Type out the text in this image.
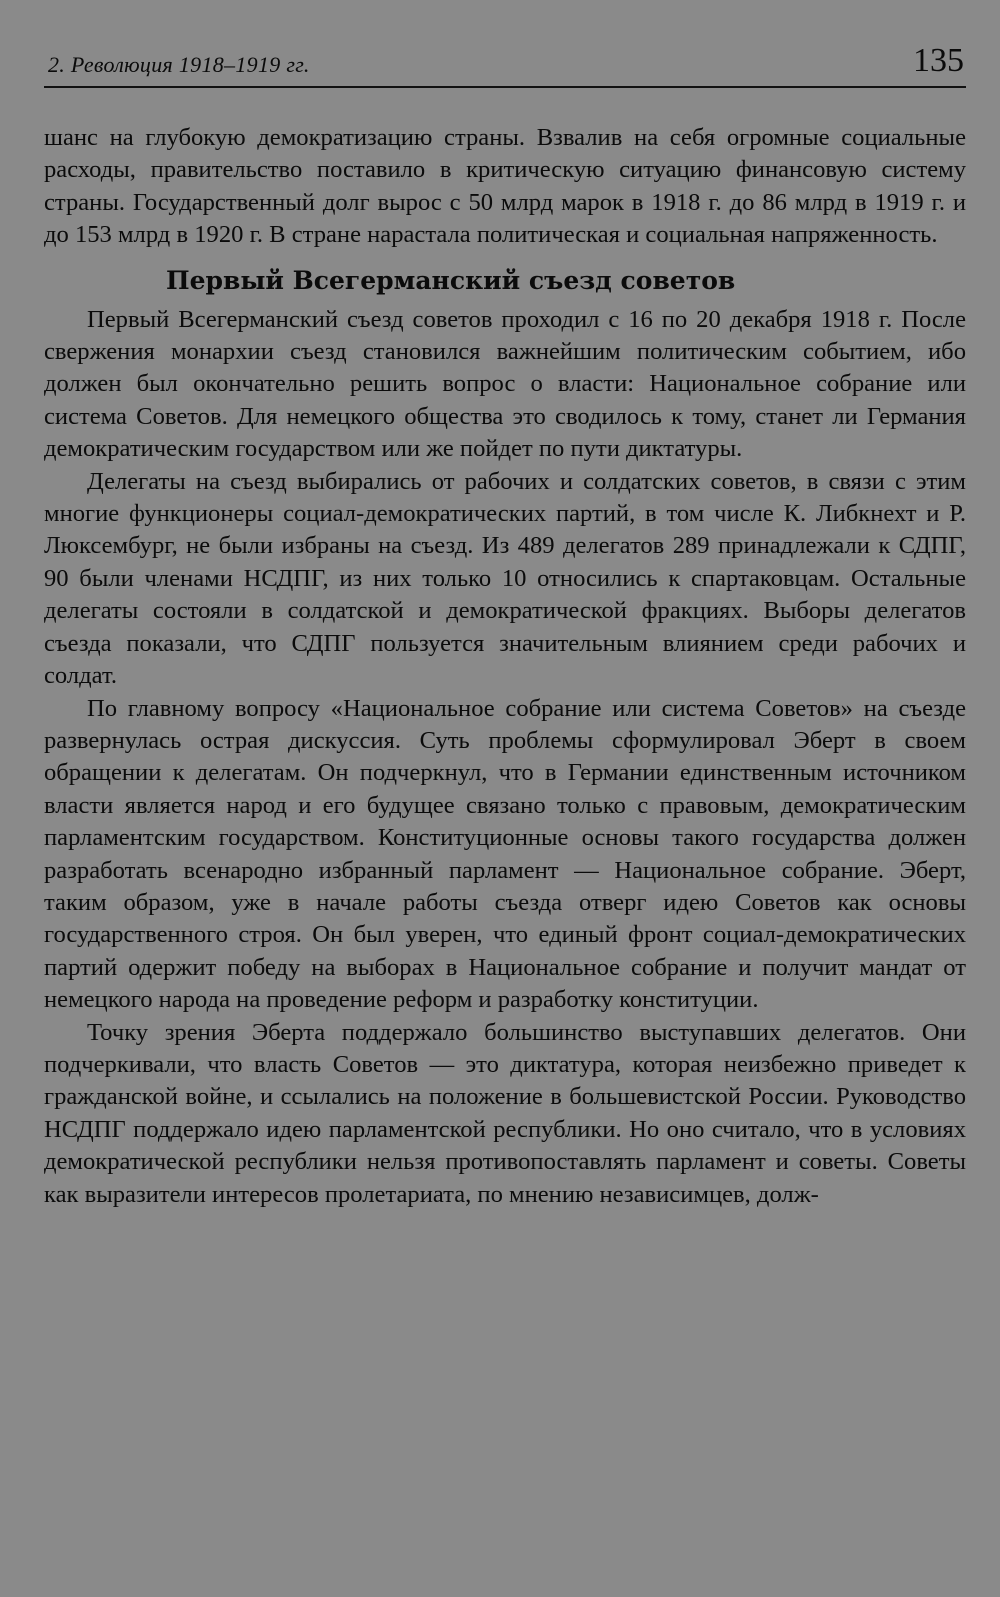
2. Революция 1918–1919 гг.	135

шанс на глубокую демократизацию страны. Взвалив на себя огромные социальные расходы, правительство поставило в критическую ситуацию финансовую систему страны. Государственный долг вырос с 50 млрд марок в 1918 г. до 86 млрд в 1919 г. и до 153 млрд в 1920 г. В стране нарастала политическая и социальная напряженность.

Первый Всегерманский съезд советов

Первый Всегерманский съезд советов проходил с 16 по 20 декабря 1918 г. После свержения монархии съезд становился важнейшим политическим событием, ибо должен был окончательно решить вопрос о власти: Национальное собрание или система Советов. Для немецкого общества это сводилось к тому, станет ли Германия демократическим государством или же пойдет по пути диктатуры.

Делегаты на съезд выбирались от рабочих и солдатских советов, в связи с этим многие функционеры социал-демократических партий, в том числе К. Либкнехт и Р. Люксембург, не были избраны на съезд. Из 489 делегатов 289 принадлежали к СДПГ, 90 были членами НСДПГ, из них только 10 относились к спартаковцам. Остальные делегаты состояли в солдатской и демократической фракциях. Выборы делегатов съезда показали, что СДПГ пользуется значительным влиянием среди рабочих и солдат.

По главному вопросу «Национальное собрание или система Советов» на съезде развернулась острая дискуссия. Суть проблемы сформулировал Эберт в своем обращении к делегатам. Он подчеркнул, что в Германии единственным источником власти является народ и его будущее связано только с правовым, демократическим парламентским государством. Конституционные основы такого государства должен разработать всенародно избранный парламент — Национальное собрание. Эберт, таким образом, уже в начале работы съезда отверг идею Советов как основы государственного строя. Он был уверен, что единый фронт социал-демократических партий одержит победу на выборах в Национальное собрание и получит мандат от немецкого народа на проведение реформ и разработку конституции.

Точку зрения Эберта поддержало большинство выступавших делегатов. Они подчеркивали, что власть Советов — это диктатура, которая неизбежно приведет к гражданской войне, и ссылались на положение в большевистской России. Руководство НСДПГ поддержало идею парламентской республики. Но оно считало, что в условиях демократической республики нельзя противопоставлять парламент и советы. Советы как выразители интересов пролетариата, по мнению независимцев, долж-
